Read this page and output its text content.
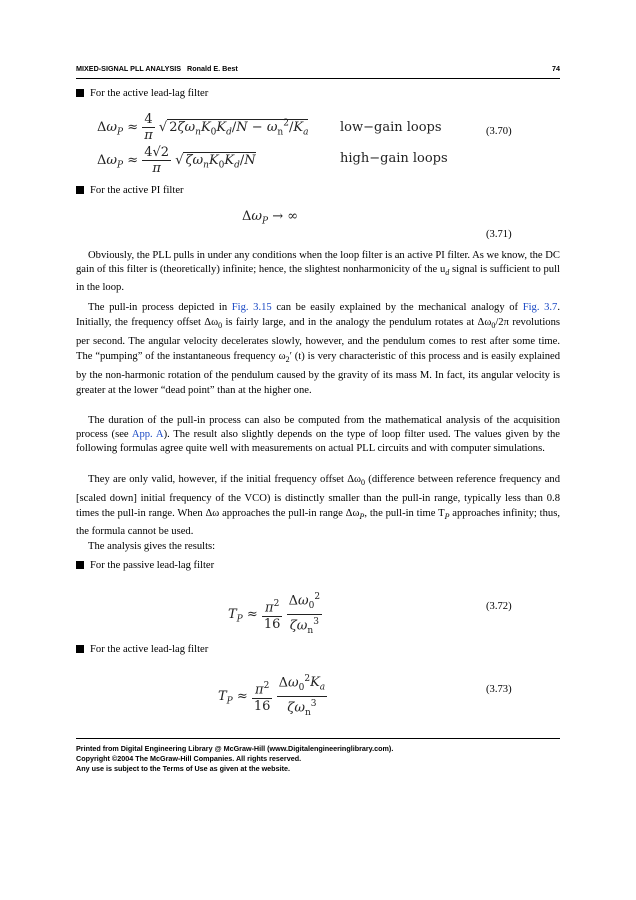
MIXED-SIGNAL PLL ANALYSIS Ronald E. Best	74
For the active lead-lag filter
$\Delta\omega_P \approx \frac{4}{\pi}$ √ $2\zeta\omega_nK_0K_d/N - \omega_n^2/K_a$ low−gain loops	(3.70)
$\Delta\omega_P \approx \frac{4√2}{\pi}$ √ $\zeta\omega_nK_0K_d/N$	high−gain loops
For the active PI filter
$\Delta\omega_P$ → ∞
(3.71)
Obviously, the PLL pulls in under any conditions when the loop filter is an active PI filter. As we know, the DC gain of this filter is (theoretically) infinite; hence, the slightest nonharmonicity of the $u_d$ signal is sufficient to pull in the loop.
The pull-in process depicted in Fig. 3.15 can be easily explained by the mechanical analogy of Fig. 3.7. Initially, the frequency offset $\Delta\omega_0$ is fairly large, and in the analogy the pendulum rotates at $\Delta\omega_0/2\pi$ revolutions per second. The angular velocity decelerates slowly, however, and the pendulum comes to rest after some time. The “pumping” of the instantaneous frequency $\omega_2'$ (t) is very characteristic of this process and is easily explained by the non-harmonic rotation of the pendulum caused by the gravity of its mass M. In fact, its angular velocity is greater at the lower “dead point” than at the higher one.
The duration of the pull-in process can also be computed from the mathematical analysis of the acquisition process (see App. A). The result also slightly depends on the type of loop filter used. The values given by the following formulas agree quite well with measurements on actual PLL circuits and with computer simulations.
They are only valid, however, if the initial frequency offset $\Delta\omega_0$ (difference between reference frequency and [scaled down] initial frequency of the VCO) is distinctly smaller than the pull-in range, typically less than 0.8 times the pull-in range. When Δω approaches the pull-in range $\Delta\omega_P$, the pull-in time $T_P$ approaches infinity; thus, the formula cannot be used.
The analysis gives the results:
For the passive lead-lag filter
$T_P \approx \frac{\pi^2}{16}$
$\frac{\Delta\omega_0^2}{\zeta\omega_n^3}$	(3.72)
For the active lead-lag filter
$T_P \approx \frac{\pi^2}{16}$
$\frac{\Delta\omega_0^2K_a}{\zeta\omega_n^3}$	(3.73)
Printed from Digital Engineering Library @ McGraw-Hill (www.Digitalengineeringlibrary.com).
Copyright ©2004 The McGraw-Hill Companies. All rights reserved.
Any use is subject to the Terms of Use as given at the website.
